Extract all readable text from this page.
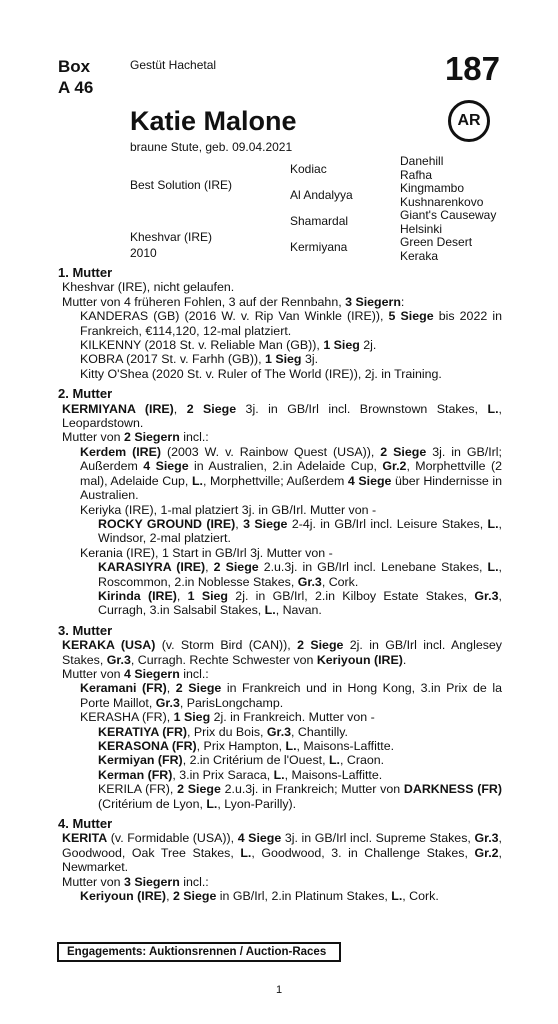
Box
A 46
Gestüt Hachetal	187
AR
Katie Malone
braune Stute, geb. 09.04.2021
Best Solution (IRE)
Kheshvar (IRE)
2010
Kodiac
Al Andalyya
Shamardal
Kermiyana
Danehill
Rafha
Kingmambo
Kushnarenkovo
Giant's Causeway
Helsinki
Green Desert
Keraka

1. Mutter

Kheshvar (IRE), nicht gelaufen.

Mutter von 4 früheren Fohlen, 3 auf der Rennbahn, 3 Siegern:

KANDERAS (GB) (2016 W. v. Rip Van Winkle (IRE)), 5 Siege bis 2022 in Frankreich, €114,120, 12-mal platziert.

KILKENNY (2018 St. v. Reliable Man (GB)), 1 Sieg 2j.

KOBRA (2017 St. v. Farhh (GB)), 1 Sieg 3j.

Kitty O'Shea (2020 St. v. Ruler of The World (IRE)), 2j. in Training.

2. Mutter

KERMIYANA (IRE), 2 Siege 3j. in GB/Irl incl. Brownstown Stakes, L., Leopardstown.

Mutter von 2 Siegern incl.:

Kerdem (IRE) (2003 W. v. Rainbow Quest (USA)), 2 Siege 3j. in GB/Irl; Außerdem 4 Siege in Australien, 2.in Adelaide Cup, Gr.2, Morphettville (2 mal), Adelaide Cup, L., Morphettville; Außerdem 4 Siege über Hindernisse in Australien.

Keriyka (IRE), 1-mal platziert 3j. in GB/Irl. Mutter von -

ROCKY GROUND (IRE), 3 Siege 2-4j. in GB/Irl incl. Leisure Stakes, L., Windsor, 2-mal platziert.

Kerania (IRE), 1 Start in GB/Irl 3j. Mutter von -

KARASIYRA (IRE), 2 Siege 2.u.3j. in GB/Irl incl. Lenebane Stakes, L., Roscommon, 2.in Noblesse Stakes, Gr.3, Cork.

Kirinda (IRE), 1 Sieg 2j. in GB/Irl, 2.in Kilboy Estate Stakes, Gr.3, Curragh, 3.in Salsabil Stakes, L., Navan.

3. Mutter

KERAKA (USA) (v. Storm Bird (CAN)), 2 Siege 2j. in GB/Irl incl. Anglesey Stakes, Gr.3, Curragh. Rechte Schwester von Keriyoun (IRE).

Mutter von 4 Siegern incl.:

Keramani (FR), 2 Siege in Frankreich und in Hong Kong, 3.in Prix de la Porte Maillot, Gr.3, ParisLongchamp.

KERASHA (FR), 1 Sieg 2j. in Frankreich. Mutter von -

KERATIYA (FR), Prix du Bois, Gr.3, Chantilly.

KERASONA (FR), Prix Hampton, L., Maisons-Laffitte.

Kermiyan (FR), 2.in Critérium de l'Ouest, L., Craon.

Kerman (FR), 3.in Prix Saraca, L., Maisons-Laffitte.

KERILA (FR), 2 Siege 2.u.3j. in Frankreich; Mutter von DARKNESS (FR) (Critérium de Lyon, L., Lyon-Parilly).

4. Mutter

KERITA (v. Formidable (USA)), 4 Siege 3j. in GB/Irl incl. Supreme Stakes, Gr.3, Goodwood, Oak Tree Stakes, L., Goodwood, 3. in Challenge Stakes, Gr.2, Newmarket.

Mutter von 3 Siegern incl.:

Keriyoun (IRE), 2 Siege in GB/Irl, 2.in Platinum Stakes, L., Cork.

Engagements: Auktionsrennen / Auction-Races
1
